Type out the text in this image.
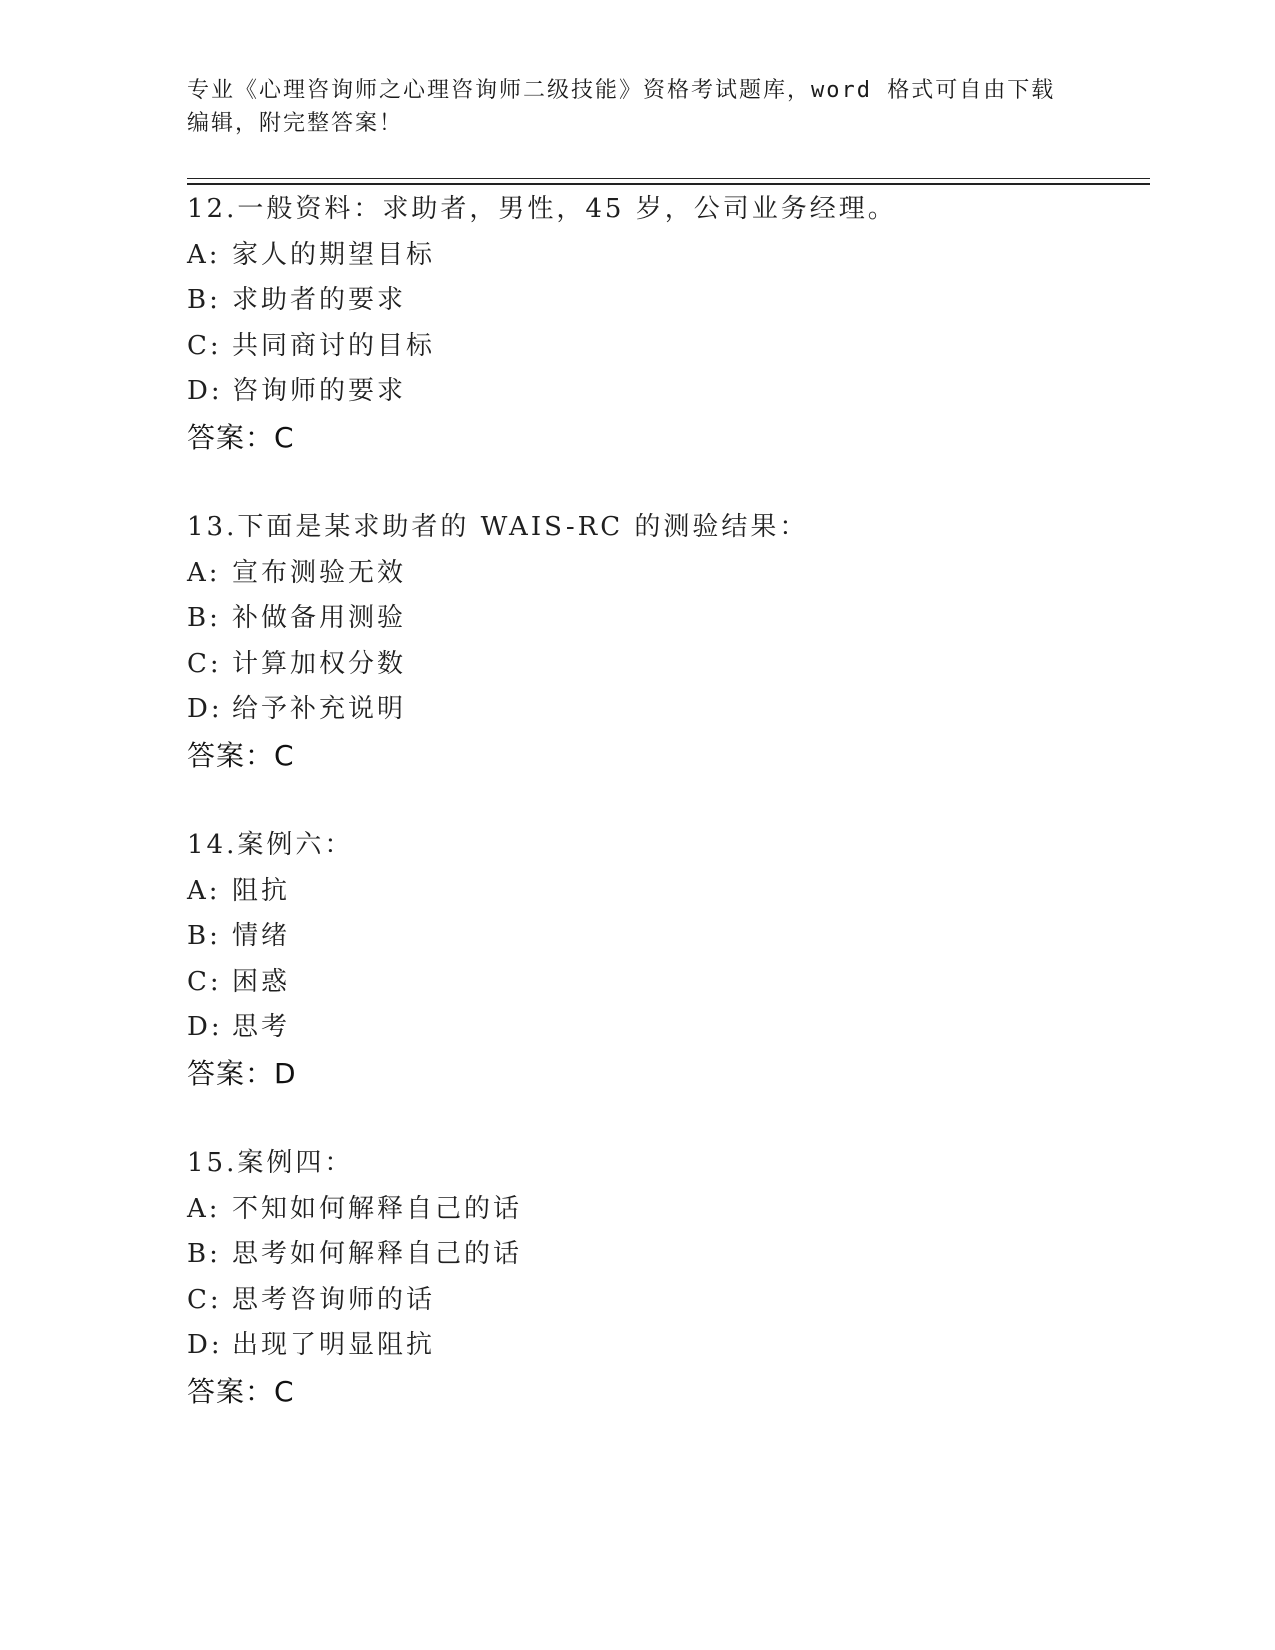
专业《心理咨询师之心理咨询师二级技能》资格考试题库，word 格式可自由下载
编辑，附完整答案！
12.一般资料：求助者，男性，45 岁，公司业务经理。
A: 家人的期望目标
B: 求助者的要求
C: 共同商讨的目标
D: 咨询师的要求
答案：C
13.下面是某求助者的 WAIS-RC 的测验结果：
A: 宣布测验无效
B: 补做备用测验
C: 计算加权分数
D: 给予补充说明
答案：C
14.案例六：
A: 阻抗
B: 情绪
C: 困惑
D: 思考
答案：D
15.案例四：
A: 不知如何解释自己的话
B: 思考如何解释自己的话
C: 思考咨询师的话
D: 出现了明显阻抗
答案：C
